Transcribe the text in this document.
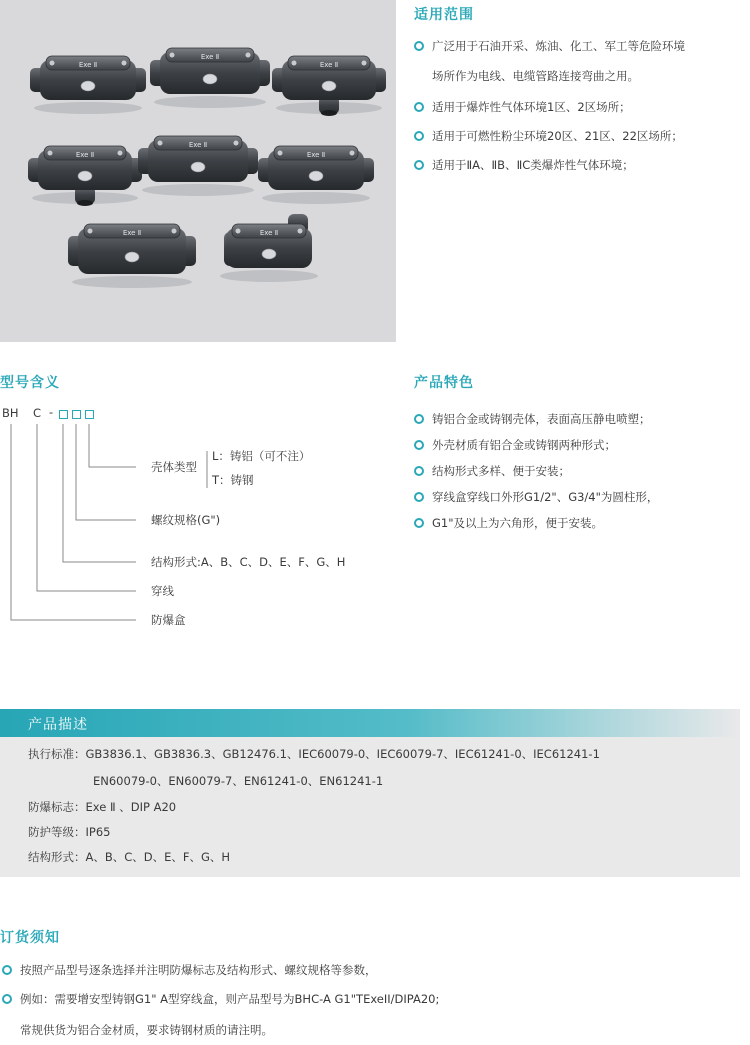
Exe Ⅱ
Exe Ⅱ
Exe Ⅱ
Exe Ⅱ
Exe Ⅱ
Exe Ⅱ
Exe Ⅱ	Exe Ⅱ
适用范围
广泛用于石油开采、炼油、化工、军工等危险环境
场所作为电线、电缆管路连接弯曲之用。
适用于爆炸性气体环境1区、2区场所；
适用于可燃性粉尘环境20区、21区、22区场所；
适用于ⅡA、ⅡB、ⅡC类爆炸性气体环境；
型号含义
BH C -
壳体类型
L：铸铝（可不注）
T：铸钢
螺纹规格(G")
结构形式:A、B、C、D、E、F、G、H
穿线
防爆盒
产品特色
铸铝合金或铸钢壳体，表面高压静电喷塑；
外壳材质有铝合金或铸钢两种形式；
结构形式多样、便于安装；
穿线盒穿线口外形G1/2"、G3/4"为圆柱形，
G1"及以上为六角形，便于安装。
产品描述
执行标准：GB3836.1、GB3836.3、GB12476.1、IEC60079-0、IEC60079-7、IEC61241-0、IEC61241-1
EN60079-0、EN60079-7、EN61241-0、EN61241-1
防爆标志：Exe Ⅱ 、DIP A20
防护等级：IP65
结构形式：A、B、C、D、E、F、G、H
订货须知
按照产品型号逐条选择并注明防爆标志及结构形式、螺纹规格等参数，
例如：需要增安型铸钢G1" A型穿线盒，则产品型号为BHC-A G1"TExeII/DIPA20;
常规供货为铝合金材质，要求铸钢材质的请注明。
